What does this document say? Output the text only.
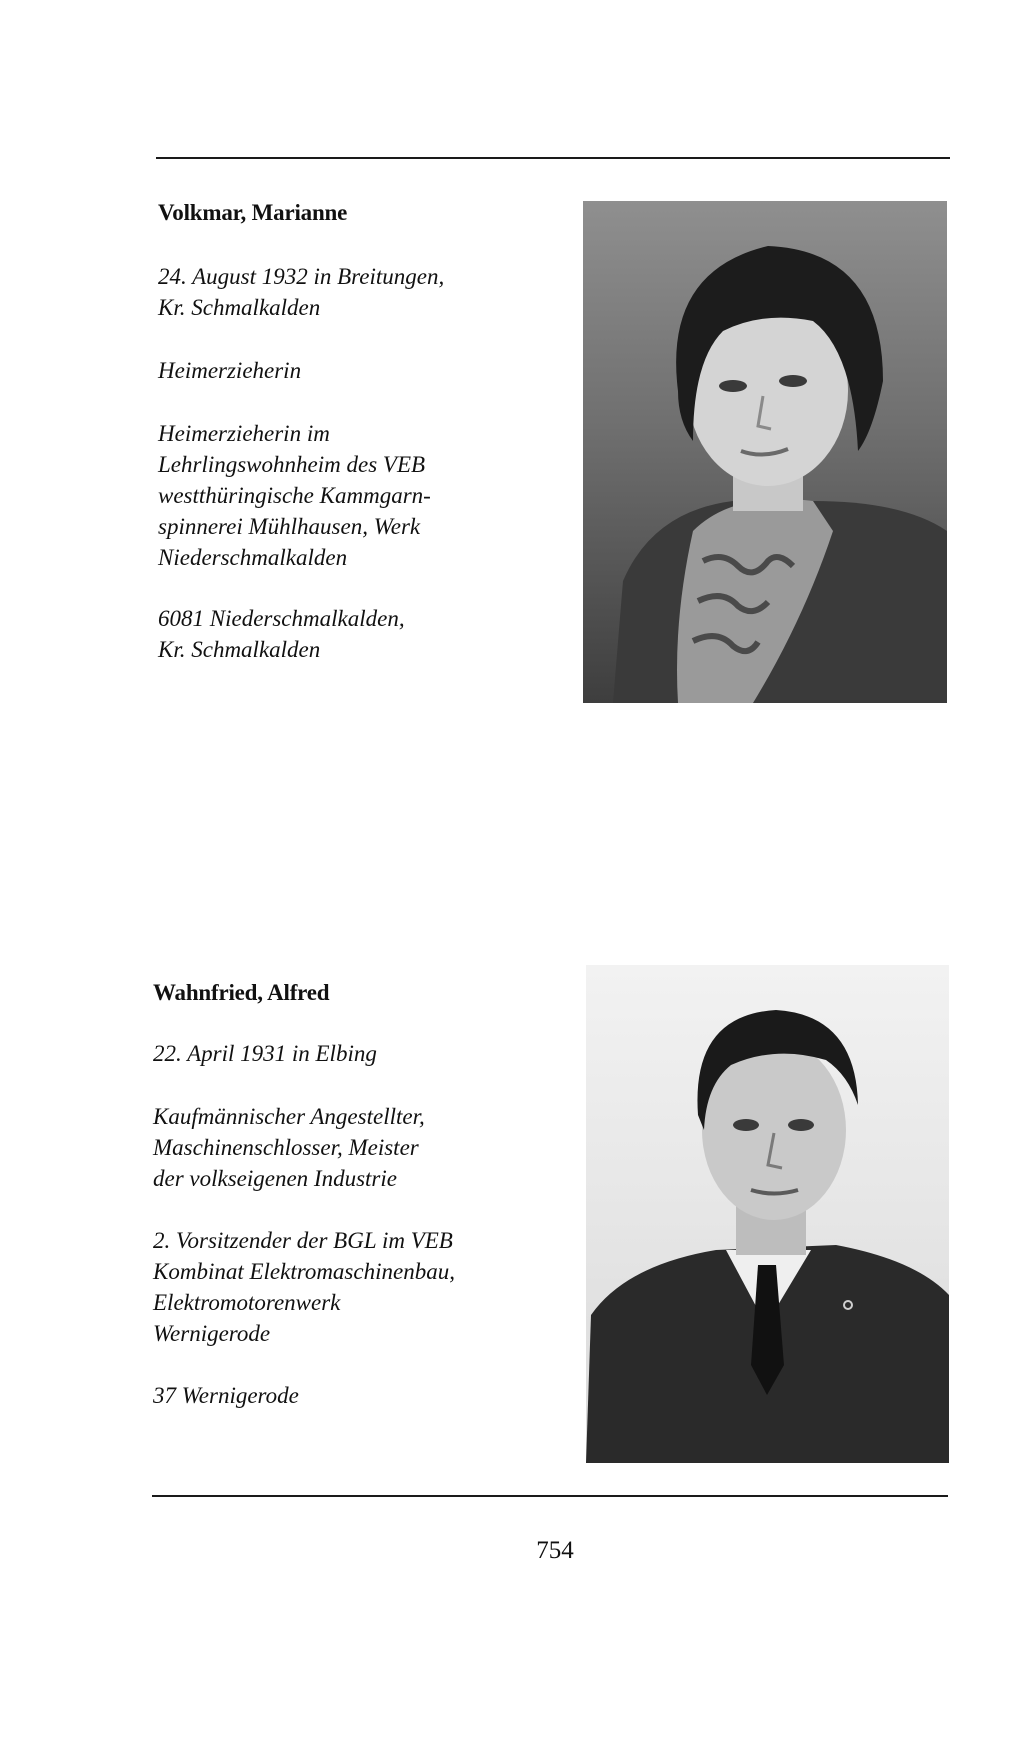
Volkmar, Marianne

24. August 1932 in Breitungen,
Kr. Schmalkalden

Heimerzieherin

Heimerzieherin im
Lehrlingswohnheim des VEB
westthüringische Kammgarn-
spinnerei Mühlhausen, Werk
Niederschmalkalden

6081 Niederschmalkalden,
Kr. Schmalkalden

Wahnfried, Alfred

22. April 1931 in Elbing

Kaufmännischer Angestellter,
Maschinenschlosser, Meister
der volkseigenen Industrie

2. Vorsitzender der BGL im VEB
Kombinat Elektromaschinenbau,
Elektromotorenwerk
Wernigerode

37 Wernigerode

754
